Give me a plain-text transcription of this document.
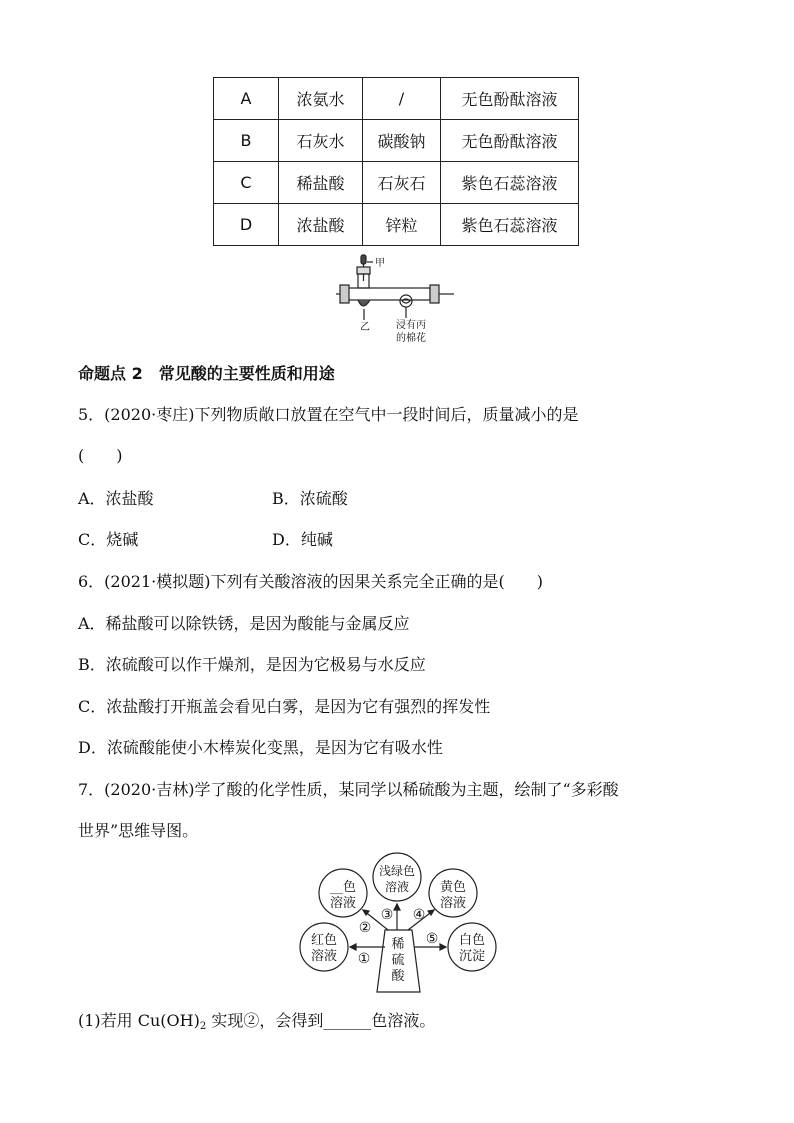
A	浓氨水	/	无色酚酞溶液
B	石灰水	碳酸钠	无色酚酞溶液
C	稀盐酸	石灰石	紫色石蕊溶液
D	浓盐酸	锌粒	紫色石蕊溶液
甲
乙	浸有丙
的棉花
命题点 2　常见酸的主要性质和用途
5．(2020·枣庄)下列物质敞口放置在空气中一段时间后，质量减小的是
(　　)
A．浓盐酸	B．浓硫酸
C．烧碱	D．纯碱
6．(2021·模拟题)下列有关酸溶液的因果关系完全正确的是(　　)
A．稀盐酸可以除铁锈，是因为酸能与金属反应
B．浓硫酸可以作干燥剂，是因为它极易与水反应
C．浓盐酸打开瓶盖会看见白雾，是因为它有强烈的挥发性
D．浓硫酸能使小木棒炭化变黑，是因为它有吸水性
7．(2020·吉林)学了酸的化学性质，某同学以稀硫酸为主题，绘制了“多彩酸
世界”思维导图。
稀
硫
酸
__色
溶液
浅绿色
溶液 黄色
溶液
红色
溶液
白色
沉淀
①
②
③ ④
⑤
(1)若用 $Cu(OH)_2$ 实现②，会得到______色溶液。
